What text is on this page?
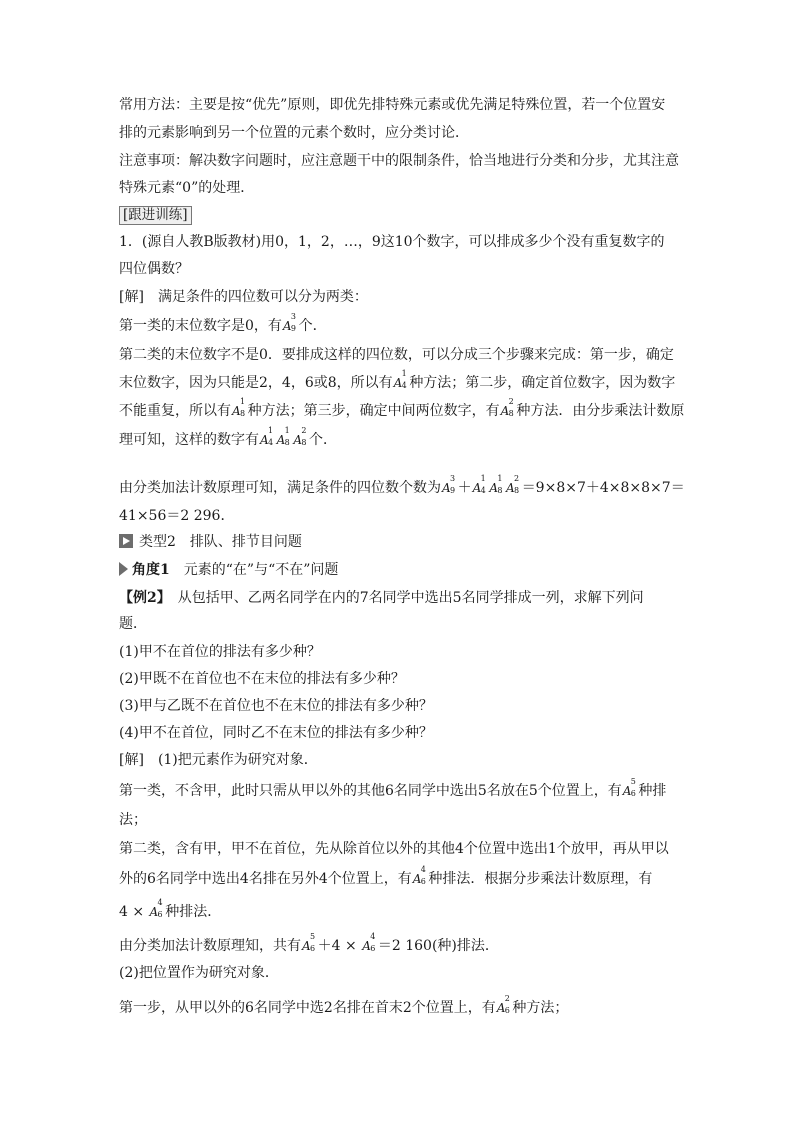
常用方法：主要是按“优先”原则，即优先排特殊元素或优先满足特殊位置，若一个位置安
排的元素影响到另一个位置的元素个数时，应分类讨论．
注意事项：解决数字问题时，应注意题干中的限制条件，恰当地进行分类和分步，尤其注意
特殊元素“0”的处理．
[跟进训练]
1．(源自人教B版教材)用0，1，2，…，9这10个数字，可以排成多少个没有重复数字的
四位偶数？
[解]　 满足条件的四位数可以分为两类：
第一类的末位数字是0，有A
3
9 个．
第二类的末位数字不是0．要排成这样的四位数，可以分成三个步骤来完成：第一步，确定
末位数字，因为只能是2，4，6或8，所以有A
1
4 种方法；第二步，确定首位数字，因为数字
不能重复，所以有A
1
8 种方法；第三步，确定中间两位数字，有A
2
8 种方法．由分步乘法计数原
理可知，这样的数字有A
1
4 A
1
8 A
2
8 个．
由分类加法计数原理可知，满足条件的四位数个数为A
3
9 ＋A
1
4 A
1
8 A
2
8 ＝9×8×7＋4×8×8×7＝
41×56＝2 296．
类型2　排队、排节目问题
角度1　 元素的“在”与“不在”问题
【例2】　 从包括甲、乙两名同学在内的7名同学中选出5名同学排成一列，求解下列问
题．
(1)甲不在首位的排法有多少种？
(2)甲既不在首位也不在末位的排法有多少种？
(3)甲与乙既不在首位也不在末位的排法有多少种？
(4)甲不在首位，同时乙不在末位的排法有多少种？
[解]　 (1)把元素作为研究对象．
第一类，不含甲，此时只需从甲以外的其他6名同学中选出5名放在5个位置上，有A
5
6 种排
法；
第二类，含有甲，甲不在首位，先从除首位以外的其他4个位置中选出1个放甲，再从甲以
外的6名同学中选出4名排在另外4个位置上，有A
4
6 种排法．根据分步乘法计数原理，有
4 × A
4
6 种排法．
由分类加法计数原理知，共有A
5
6 ＋4 × A
4
6 ＝2 160(种)排法．
(2)把位置作为研究对象．
第一步，从甲以外的6名同学中选2名排在首末2个位置上，有A
2
6 种方法；
